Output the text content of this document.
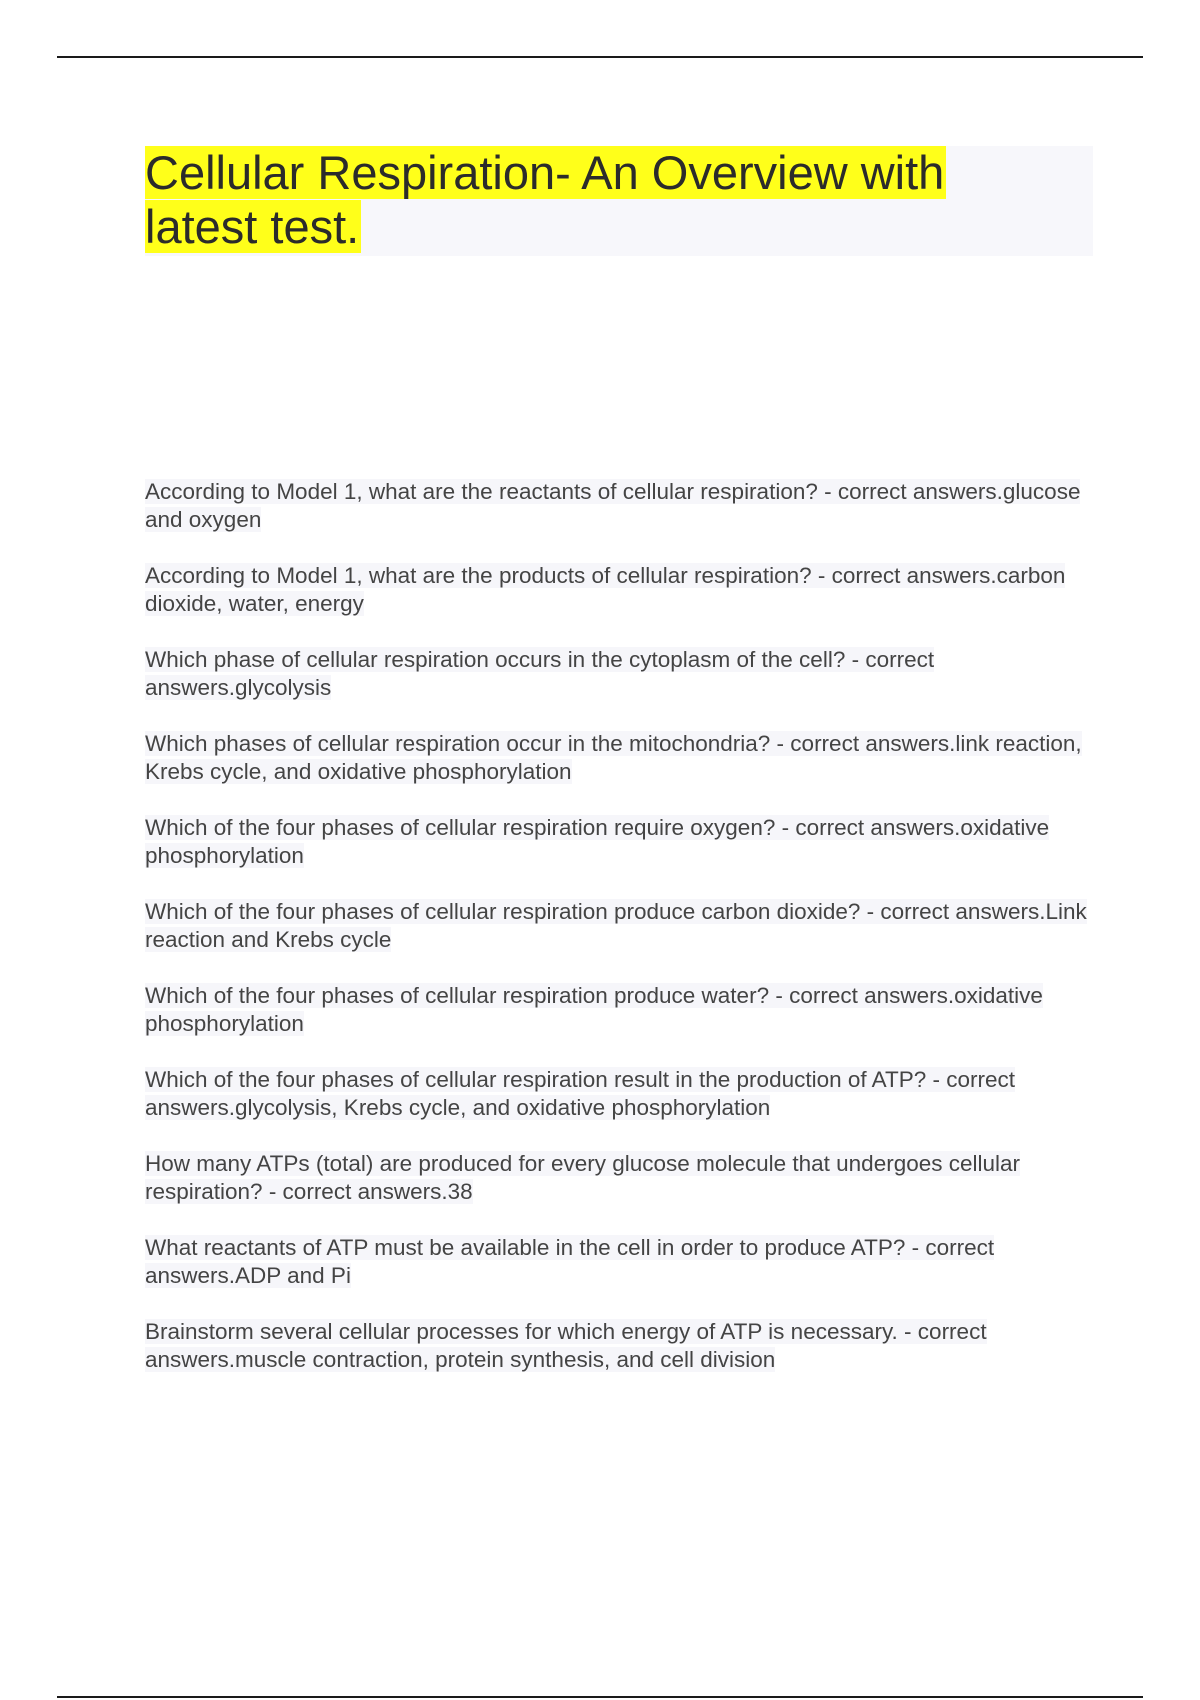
Cellular Respiration- An Overview with latest test.

According to Model 1, what are the reactants of cellular respiration? - correct answers.glucose and oxygen

According to Model 1, what are the products of cellular respiration? - correct answers.carbon dioxide, water, energy

Which phase of cellular respiration occurs in the cytoplasm of the cell? - correct answers.glycolysis

Which phases of cellular respiration occur in the mitochondria? - correct answers.link reaction, Krebs cycle, and oxidative phosphorylation

Which of the four phases of cellular respiration require oxygen? - correct answers.oxidative phosphorylation

Which of the four phases of cellular respiration produce carbon dioxide? - correct answers.Link reaction and Krebs cycle

Which of the four phases of cellular respiration produce water? - correct answers.oxidative phosphorylation

Which of the four phases of cellular respiration result in the production of ATP? - correct answers.glycolysis, Krebs cycle, and oxidative phosphorylation

How many ATPs (total) are produced for every glucose molecule that undergoes cellular respiration? - correct answers.38

What reactants of ATP must be available in the cell in order to produce ATP? - correct answers.ADP and Pi

Brainstorm several cellular processes for which energy of ATP is necessary. - correct answers.muscle contraction, protein synthesis, and cell division
